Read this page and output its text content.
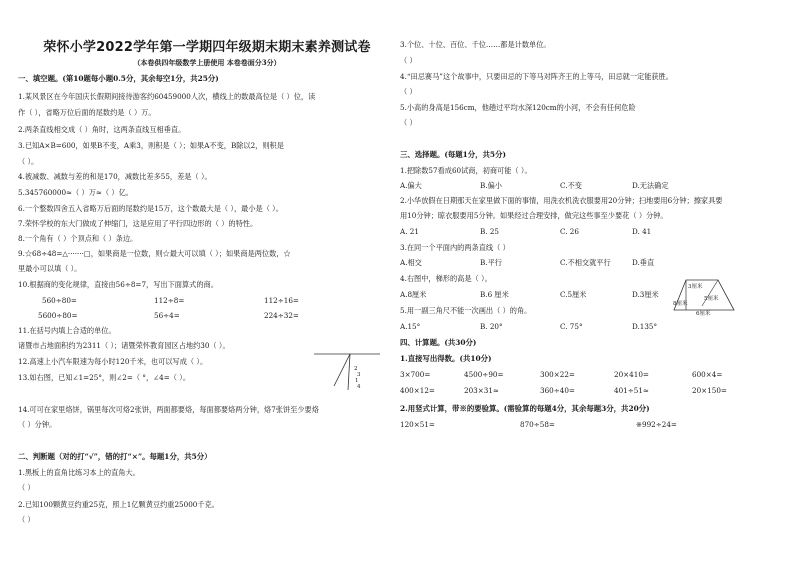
荣怀小学2022学年第一学期四年级期末期末素养测试卷
（本卷供四年级数学上册使用 本卷卷面分3分）
一、填空题。(第10题每小题0.5分，其余每空1分，共25分)
1.某风景区在今年国庆长假期间接待游客约60459000人次，横线上的数最高位是（ ）位，读
作（ ），省略万位后面的尾数约是（ ）万。
2.两条直线相交成（ ）角时，这两条直线互相垂直。
3.已知A×B=600，如果B不变，A乘3，则积是（ ）；如果A不变，B除以2，则积是
（ ）。
4.被减数、减数与差的和是170，减数比差多55，差是（ ）。
5.345760000≈（ ）万≈（ ）亿。
6.一个整数四舍五入省略万后面的尾数约是15万，这个数最大是（ ），最小是（ ）。
7.荣怀学校的东大门做成了伸缩门，这是应用了平行四边形的（ ）的特性。
8.一个角有（ ）个顶点和（ ）条边。
9.☆68÷48=△·······□，如果商是一位数，则☆最大可以填（ ）；如果商是两位数，☆
里最小可以填（ ）。
10.根据商的变化规律，直接由56÷8=7，写出下面算式的商。
560÷80=	112÷8=	112÷16=
5600÷80=	56÷4=	224÷32=
11.在括号内填上合适的单位。
诸暨市占地面积约为2311（ ）；诸暨荣怀教育园区占地约30（ ）。
12.高速上小汽车限速为每小时120千米，也可以写成（ ）。
13.如右图，已知∠1=25°，则∠2=（ °，∠4=（ ）。
2
3
1
4
14.可可在家里烙饼，锅里每次可烙2张饼，两面都要烙，每面都要烙两分钟，烙7张饼至少要烙
（ ）分钟。
二、判断题（对的打“√”，错的打“×”。每题1分，共5分）
1.黑板上的直角比练习本上的直角大。
（ ）
2.已知100颗黄豆约重25克，照上1亿颗黄豆约重25000千克。
（ ）
3.个位、十位、百位、千位……都是计数单位。
（ ）
4.“田忌赛马”这个故事中，只要田忌的下等马对阵齐王的上等马，田忌就一定能获胜。
（ ）
5.小高的身高是156cm，他趟过平均水深120cm的小河，不会有任何危险
（ ）
三、选择题。(每题1分，共5分)
1.把除数57看成60试商，初商可能（ ）。
A.偏大	B.偏小	C.不变	D.无法确定
2.小华放假在日期那天在家里做下面的事情，用洗衣机洗衣服要用20分钟；扫地要用6分钟；擦家具要
用10分钟；晾衣服要用5分钟。如果经过合理安排，做完这些事至少要花（ ）分钟。
A. 21	B. 25	C. 26	D. 41
3.在同一个平面内的两条直线（ ）
A.相交	B.平行	C.不相交就平行	D.垂直
4.右图中，梯形的高是（ ）。
A.8厘米	B.6 厘米	C.5厘米	D.3厘米
3厘米
5厘米
8厘米
6厘米
5.用一副三角尺不能一次画出（ ）的角。
A.15°	B. 20°	C. 75°	D.135°
四、计算题。(共30分)
1.直接写出得数。(共10分)
3×700=	4500÷90=	300×22=	20×410=	600×4=
400×12=	203×31≈	360÷40=	401÷51≈	20×150=
2.用竖式计算，带※的要验算。(需验算的每题4分，其余每题3分，共20分)
120×51=	870÷58=	※992÷24=
